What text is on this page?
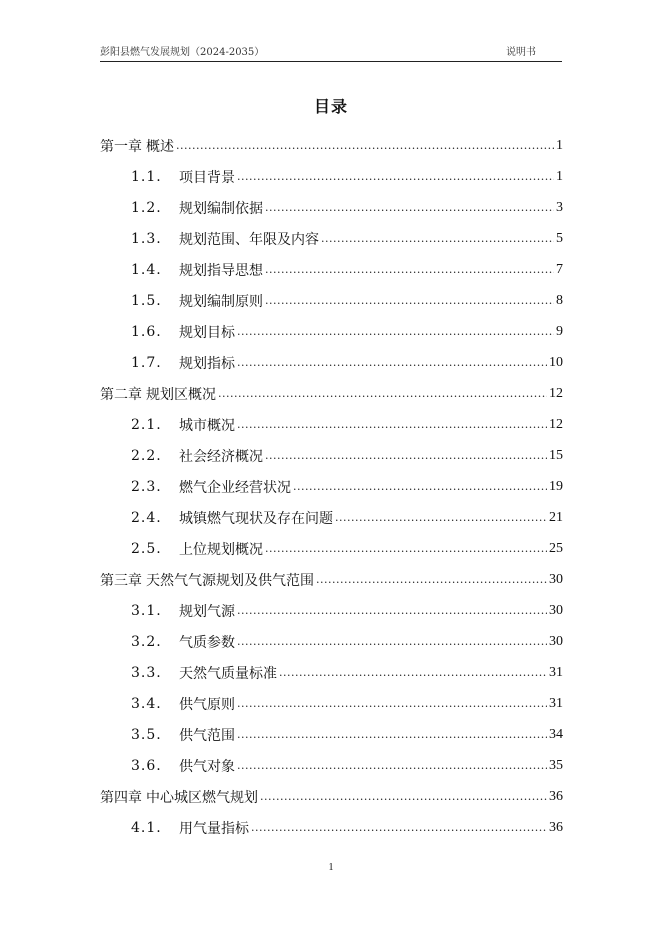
彭阳县燃气发展规划（2024-2035）	说明书
目录
第一章 概述 .....	1
1.1.	项目背景 .....	1
1.2.	规划编制依据 .....	3
1.3.	规划范围、年限及内容 .....	5
1.4.	规划指导思想 .....	7
1.5.	规划编制原则 .....	8
1.6.	规划目标 .....	9
1.7.	规划指标 .....	10
第二章 规划区概况 .....	12
2.1.	城市概况 .....	12
2.2.	社会经济概况 .....	15
2.3.	燃气企业经营状况 .....	19
2.4.	城镇燃气现状及存在问题 .....	21
2.5.	上位规划概况 .....	25
第三章 天然气气源规划及供气范围 .....	30
3.1.	规划气源 .....	30
3.2.	气质参数 .....	30
3.3.	天然气质量标准 .....	31
3.4.	供气原则 .....	31
3.5.	供气范围 .....	34
3.6.	供气对象 .....	35
第四章 中心城区燃气规划 .....	36
4.1.	用气量指标 .....	36
1
